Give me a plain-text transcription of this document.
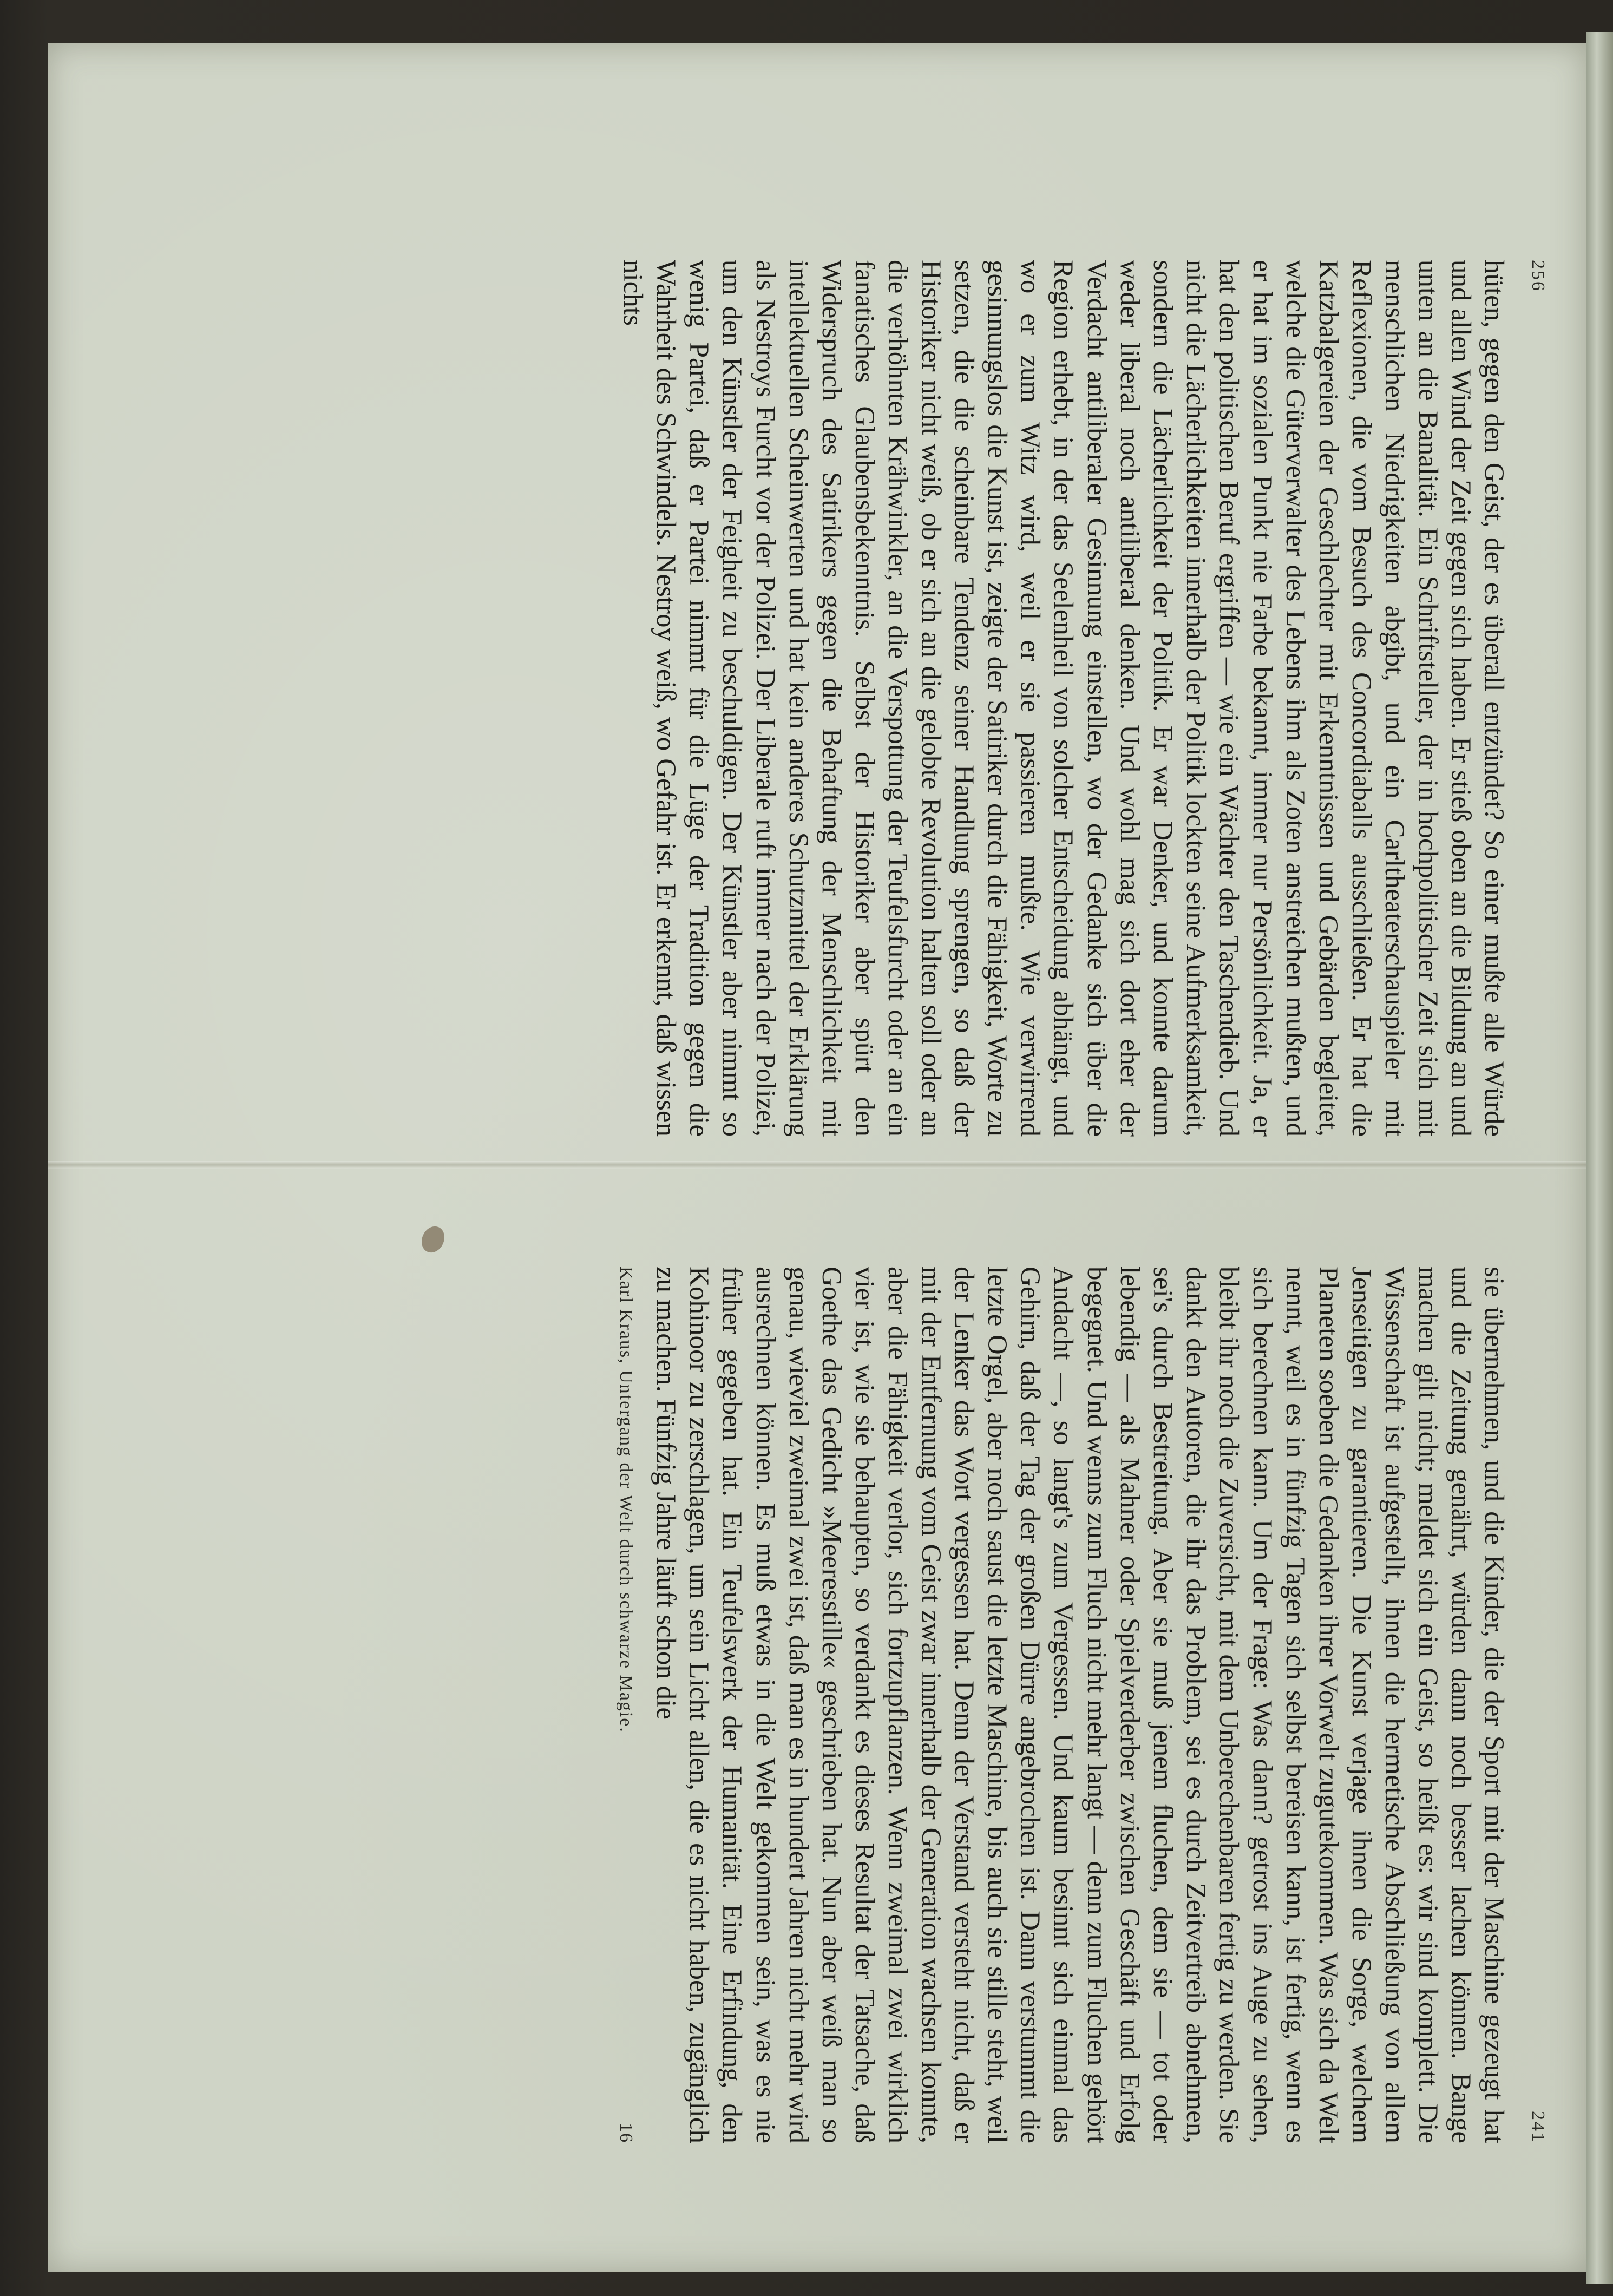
256

hüten, gegen den Geist, der es überall entzündet? So einer mußte alle Würde und allen Wind der Zeit gegen sich haben. Er stieß oben an die Bildung an und unten an die Banalität. Ein Schriftsteller, der in hochpolitischer Zeit sich mit menschlichen Niedrigkeiten abgibt, und ein Carltheaterschauspieler mit Reflexionen, die vom Besuch des Concordiaballs ausschließen. Er hat die Katzbalgereien der Geschlechter mit Erkenntnissen und Gebärden begleitet, welche die Güterverwalter des Lebens ihm als Zoten anstreichen mußten, und er hat im sozialen Punkt nie Farbe bekannt, immer nur Persönlichkeit. Ja, er hat den politischen Beruf ergriffen — wie ein Wächter den Taschendieb. Und nicht die Lächerlichkeiten innerhalb der Politik lockten seine Aufmerksamkeit, sondern die Lächerlichkeit der Politik. Er war Denker, und konnte darum weder liberal noch antiliberal denken. Und wohl mag sich dort eher der Verdacht antiliberaler Gesinnung einstellen, wo der Gedanke sich über die Region erhebt, in der das Seelenheil von solcher Entscheidung abhängt, und wo er zum Witz wird, weil er sie passieren mußte. Wie verwirrend gesinnungslos die Kunst ist, zeigte der Satiriker durch die Fähigkeit, Worte zu setzen, die die scheinbare Tendenz seiner Handlung sprengen, so daß der Historiker nicht weiß, ob er sich an die gelobte Revolution halten soll oder an die verhöhnten Krähwinkler, an die Verspottung der Teufelsfurcht oder an ein fanatisches Glaubensbekenntnis. Selbst der Historiker aber spürt den Widerspruch des Satirikers gegen die Behaftung der Menschlichkeit mit intellektuellen Scheinwerten und hat kein anderes Schutzmittel der Erklärung als Nestroys Furcht vor der Polizei. Der Liberale ruft immer nach der Polizei, um den Künstler der Feigheit zu beschuldigen. Der Künstler aber nimmt so wenig Partei, daß er Partei nimmt für die Lüge der Tradition gegen die Wahrheit des Schwindels. Nestroy weiß, wo Gefahr ist. Er erkennt, daß wissen nichts

241

sie übernehmen, und die Kinder, die der Sport mit der Maschine gezeugt hat und die Zeitung genährt, würden dann noch besser lachen können. Bange machen gilt nicht; meldet sich ein Geist, so heißt es: wir sind komplett. Die Wissenschaft ist aufgestellt, ihnen die hermetische Abschließung von allem Jenseitigen zu garantieren. Die Kunst verjage ihnen die Sorge, welchem Planeten soeben die Gedanken ihrer Vorwelt zugutekommen. Was sich da Welt nennt, weil es in fünfzig Tagen sich selbst bereisen kann, ist fertig, wenn es sich berechnen kann. Um der Frage: Was dann? getrost ins Auge zu sehen, bleibt ihr noch die Zuversicht, mit dem Unberechenbaren fertig zu werden. Sie dankt den Autoren, die ihr das Problem, sei es durch Zeitvertreib abnehmen, sei's durch Bestreitung. Aber sie muß jenem fluchen, dem sie — tot oder lebendig — als Mahner oder Spielverderber zwischen Geschäft und Erfolg begegnet. Und wenns zum Fluch nicht mehr langt — denn zum Fluchen gehört Andacht —, so langt's zum Vergessen. Und kaum besinnt sich einmal das Gehirn, daß der Tag der großen Dürre angebrochen ist. Dann verstummt die letzte Orgel, aber noch saust die letzte Maschine, bis auch sie stille steht, weil der Lenker das Wort vergessen hat. Denn der Verstand versteht nicht, daß er mit der Entfernung vom Geist zwar innerhalb der Generation wachsen konnte, aber die Fähigkeit verlor, sich fortzupflanzen. Wenn zweimal zwei wirklich vier ist, wie sie behaupten, so verdankt es dieses Resultat der Tatsache, daß Goethe das Gedicht »Meeresstille« geschrieben hat. Nun aber weiß man so genau, wieviel zweimal zwei ist, daß man es in hundert Jahren nicht mehr wird ausrechnen können. Es muß etwas in die Welt gekommen sein, was es nie früher gegeben hat. Ein Teufelswerk der Humanität. Eine Erfindung, den Kohinoor zu zerschlagen, um sein Licht allen, die es nicht haben, zugänglich zu machen. Fünfzig Jahre läuft schon die

Karl Kraus, Untergang der Welt durch schwarze Magie.
16
